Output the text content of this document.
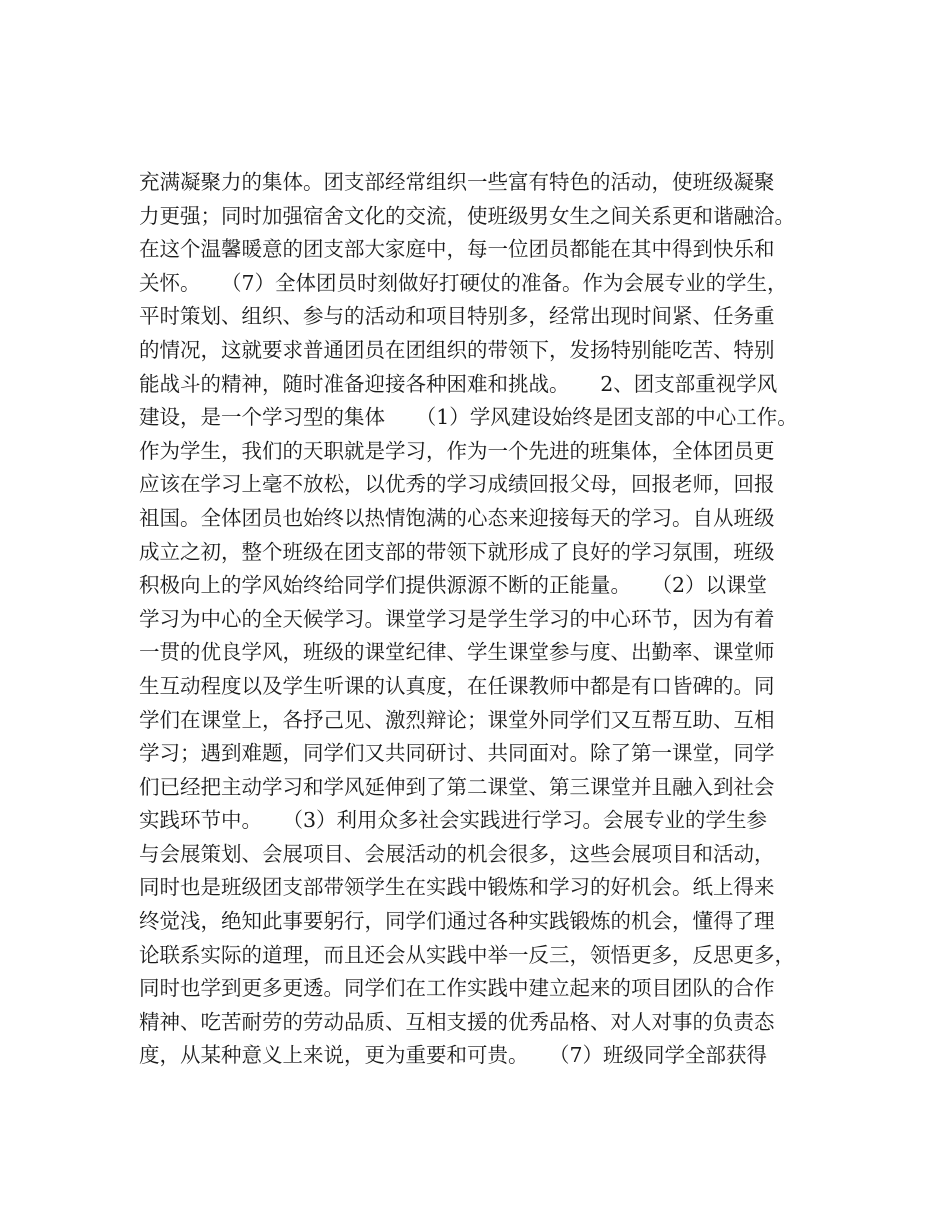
充满凝聚力的集体。团支部经常组织一些富有特色的活动，使班级凝聚
力更强；同时加强宿舍文化的交流，使班级男女生之间关系更和谐融洽。
在这个温馨暖意的团支部大家庭中，每一位团员都能在其中得到快乐和
关怀。　　（7）全体团员时刻做好打硬仗的准备。作为会展专业的学生，
平时策划、组织、参与的活动和项目特别多，经常出现时间紧、任务重
的情况，这就要求普通团员在团组织的带领下，发扬特别能吃苦、特别
能战斗的精神，随时准备迎接各种困难和挑战。　　2、团支部重视学风
建设，是一个学习型的集体　　（1）学风建设始终是团支部的中心工作。
作为学生，我们的天职就是学习，作为一个先进的班集体，全体团员更
应该在学习上毫不放松，以优秀的学习成绩回报父母，回报老师，回报
祖国。全体团员也始终以热情饱满的心态来迎接每天的学习。自从班级
成立之初，整个班级在团支部的带领下就形成了良好的学习氛围，班级
积极向上的学风始终给同学们提供源源不断的正能量。　　（2）以课堂
学习为中心的全天候学习。课堂学习是学生学习的中心环节，因为有着
一贯的优良学风，班级的课堂纪律、学生课堂参与度、出勤率、课堂师
生互动程度以及学生听课的认真度，在任课教师中都是有口皆碑的。同
学们在课堂上，各抒己见、激烈辩论；课堂外同学们又互帮互助、互相
学习；遇到难题，同学们又共同研讨、共同面对。除了第一课堂，同学
们已经把主动学习和学风延伸到了第二课堂、第三课堂并且融入到社会
实践环节中。　　（3）利用众多社会实践进行学习。会展专业的学生参
与会展策划、会展项目、会展活动的机会很多，这些会展项目和活动，
同时也是班级团支部带领学生在实践中锻炼和学习的好机会。纸上得来
终觉浅，绝知此事要躬行，同学们通过各种实践锻炼的机会，懂得了理
论联系实际的道理，而且还会从实践中举一反三，领悟更多，反思更多，
同时也学到更多更透。同学们在工作实践中建立起来的项目团队的合作
精神、吃苦耐劳的劳动品质、互相支援的优秀品格、对人对事的负责态
度，从某种意义上来说，更为重要和可贵。　　（7）班级同学全部获得
